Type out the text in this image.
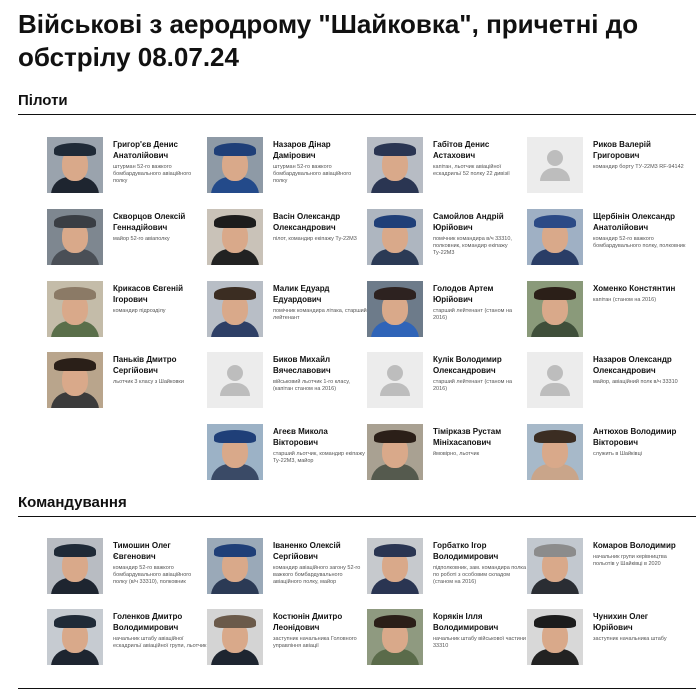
Військові з аеродрому "Шайковка", причетні до обстрілу 08.07.24
Пілоти
Командування
Григор'єв Денис Анатолійович
штурман 52-го важкого бомбардувального авіаційного полку
Назаров Дінар Дамірович
штурман 52-го важкого бомбардувального авіаційного полку
Габітов Денис Астахович
капітан, льотчик авіаційної ескадрильї 52 полку 22 дивізії
Риков Валерій Григорович
командир борту ТУ-22М3 RF-94142
Скворцов Олексій Геннадійович
майор 52-го авіаполку
Васін Олександр Олександрович
пілот, командир екіпажу Ту-22М3
Самойлов Андрій Юрійович
помічник командира в/ч 33310, полковник, командир екіпажу Ту-22М3
Щербінін Олександр Анатолійович
командир 52-го важкого бомбардувального полку, полковник
Крикасов Євгеній Ігорович
командир підрозділу
Малик Едуард Едуардович
помічник командира літака, старший лейтенант
Голодов Артем Юрійович
старший лейтенант (станом на 2016)
Хоменко Констянтин
капітан (станом на 2016)
Паньків Дмитро Сергійович
льотчик 3 класу з Шайковки
Биков Михайл Вячеславович
військовий льотчик 1-го класу, (капітан станом на 2016)
Кулік Володимир Олександрович
старший лейтенант (станом на 2016)
Назаров Олександр Олександрович
майор, авіаційний полк в/ч 33310
Агеєв Микола Вікторович
старший льотчик, командир екіпажу Ту-22М3, майор
Тімірказв Рустам Мініхасапович
ймовірно, льотчик
Антюхов Володимир Вікторович
служить в Шайківці
Тимошин Олег Євгенович
командир 52-го важкого бомбардувального авіаційного полку (в/ч 33310), полковник
Іваненко Олексій Сергійович
командир авіаційного загону 52-го важкого бомбардувального авіаційного полку, майор
Горбатко Ігор Володимирович
підполковник, зам. командира полка по роботі з особовим складом (станом на 2016)
Комаров Володимир
начальник групи керівництва польотів у Шайківці в 2020
Голенков Дмитро Володимирович
начальник штабу авіаційної ескадрильї авіаційної групи, льотчик
Костюнін Дмитро Леонідович
заступник начальника Головного управління авіації
Корякін Ілля Володимирович
начальник штабу військової частини 33310
Чунихин Олег Юрійович
заступник начальника штабу
